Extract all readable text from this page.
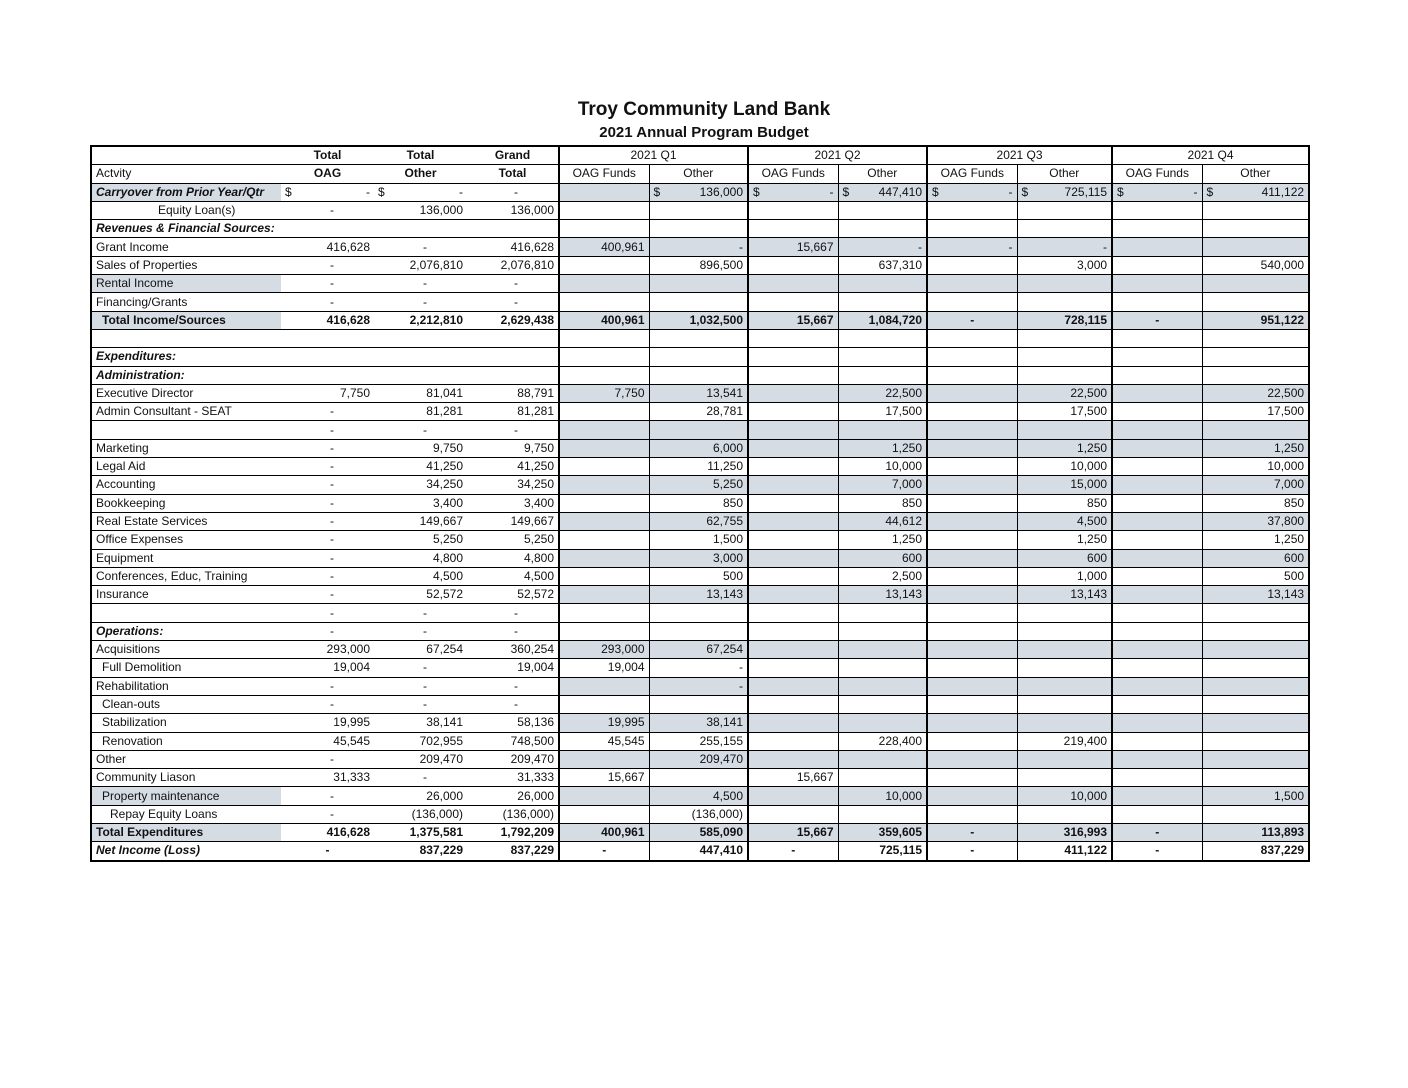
Troy Community Land Bank
2021 Annual Program Budget
	Total	Total	Grand	2021 Q1		2021 Q2		2021 Q3		2021 Q4	
Actvity	OAG	Other	Total	OAG Funds	Other	OAG Funds	Other	OAG Funds	Other	OAG Funds	Other
Carryover from Prior Year/Qtr	$ -	$ -	-		$ 136,000	$ -	$ 447,410	$ -	$ 725,115	$ -	$ 411,122
Equity Loan(s)	-	136,000	136,000								
Revenues & Financial Sources:											
Grant Income	416,628	-	416,628	400,961	-	15,667	-	-	-		
Sales of Properties	-	2,076,810	2,076,810		896,500		637,310		3,000		540,000
Rental Income	-	-	-								
Financing/Grants	-	-	-								
Total Income/Sources	416,628	2,212,810	2,629,438	400,961	1,032,500	15,667	1,084,720	-	728,115	-	951,122

Expenditures:											
Administration:											
Executive Director	7,750	81,041	88,791	7,750	13,541		22,500		22,500		22,500
Admin Consultant - SEAT	-	81,281	81,281		28,781		17,500		17,500		17,500
	-	-	-								
Marketing	-	9,750	9,750		6,000		1,250		1,250		1,250
Legal Aid	-	41,250	41,250		11,250		10,000		10,000		10,000
Accounting	-	34,250	34,250		5,250		7,000		15,000		7,000
Bookkeeping	-	3,400	3,400		850		850		850		850
Real Estate Services	-	149,667	149,667		62,755		44,612		4,500		37,800
Office Expenses	-	5,250	5,250		1,500		1,250		1,250		1,250
Equipment	-	4,800	4,800		3,000		600		600		600
Conferences, Educ, Training	-	4,500	4,500		500		2,500		1,000		500
Insurance	-	52,572	52,572		13,143		13,143		13,143		13,143
	-	-	-								
Operations:	-	-	-								
Acquisitions	293,000	67,254	360,254	293,000	67,254						
Full Demolition	19,004	-	19,004	19,004	-						
Rehabilitation	-	-	-		-						
Clean-outs	-	-	-								
Stabilization	19,995	38,141	58,136	19,995	38,141						
Renovation	45,545	702,955	748,500	45,545	255,155		228,400		219,400		
Other	-	209,470	209,470		209,470						
Community Liason	31,333	-	31,333	15,667		15,667					
Property maintenance	-	26,000	26,000		4,500		10,000		10,000		1,500
Repay Equity Loans	-	(136,000)	(136,000)		(136,000)						
Total Expenditures	416,628	1,375,581	1,792,209	400,961	585,090	15,667	359,605	-	316,993	-	113,893
Net Income (Loss)	-	837,229	837,229	-	447,410	-	725,115	-	411,122	-	837,229
